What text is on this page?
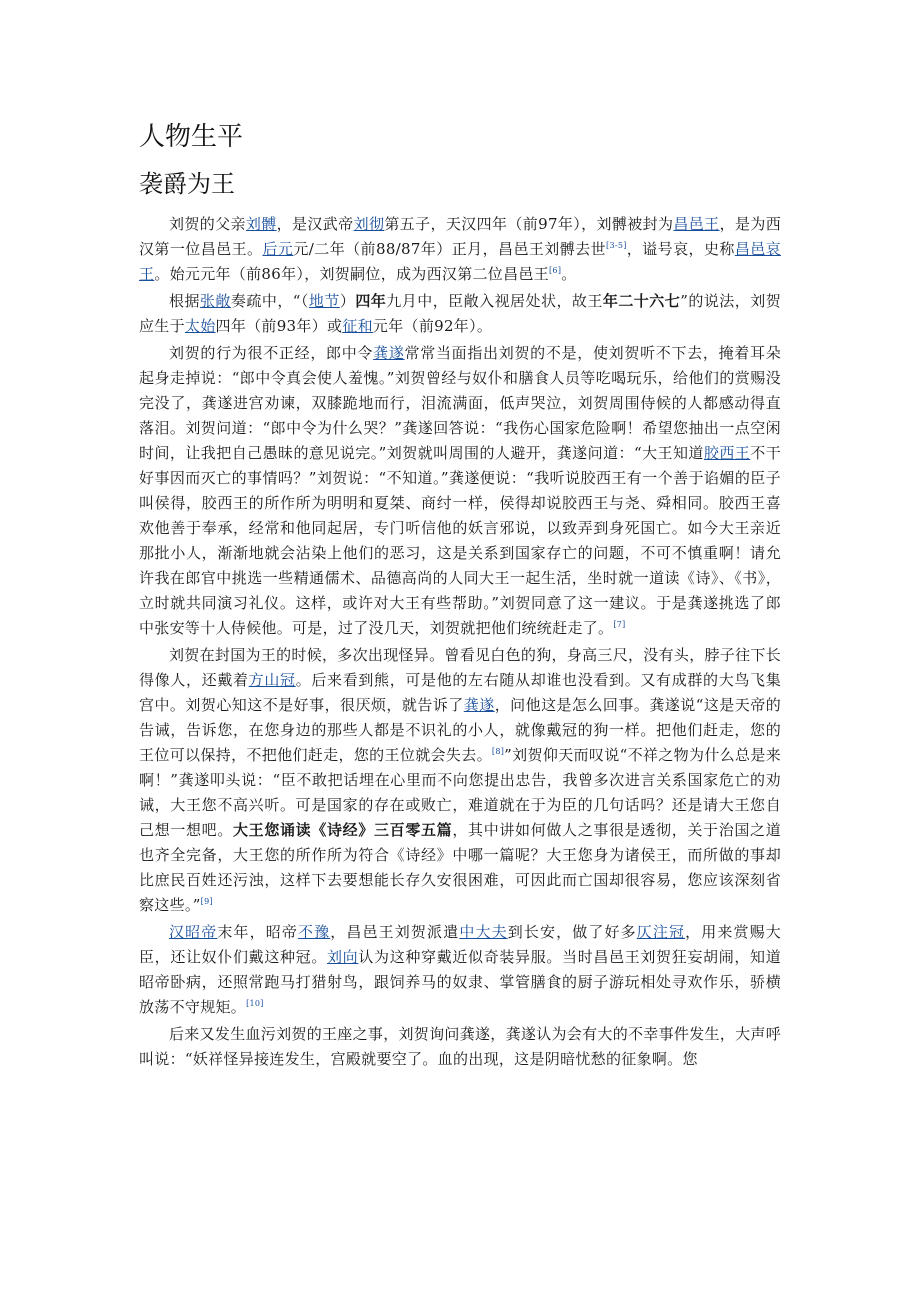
人物生平
袭爵为王

刘贺的父亲刘髆，是汉武帝刘彻第五子，天汉四年（前97年），刘髆被封为昌邑王，是为西汉第一位昌邑王。后元元/二年（前88/87年）正月，昌邑王刘髆去世[3-5]，谥号哀，史称昌邑哀王。始元元年（前86年），刘贺嗣位，成为西汉第二位昌邑王[6]。

根据张敞奏疏中，“（地节）四年九月中，臣敞入视居处状，故王年二十六七”的说法，刘贺应生于太始四年（前93年）或征和元年（前92年）。

刘贺的行为很不正经，郎中令龚遂常常当面指出刘贺的不是，使刘贺听不下去，掩着耳朵起身走掉说：“郎中令真会使人羞愧。”刘贺曾经与奴仆和膳食人员等吃喝玩乐，给他们的赏赐没完没了，龚遂进宫劝谏，双膝跪地而行，泪流满面，低声哭泣，刘贺周围侍候的人都感动得直落泪。刘贺问道：“郎中令为什么哭？”龚遂回答说：“我伤心国家危险啊！希望您抽出一点空闲时间，让我把自己愚昧的意见说完。”刘贺就叫周围的人避开，龚遂问道：“大王知道胶西王不干好事因而灭亡的事情吗？”刘贺说：“不知道。”龚遂便说：“我听说胶西王有一个善于谄媚的臣子叫侯得，胶西王的所作所为明明和夏桀、商纣一样，侯得却说胶西王与尧、舜相同。胶西王喜欢他善于奉承，经常和他同起居，专门听信他的妖言邪说，以致弄到身死国亡。如今大王亲近那批小人，渐渐地就会沾染上他们的恶习，这是关系到国家存亡的问题，不可不慎重啊！请允许我在郎官中挑选一些精通儒术、品德高尚的人同大王一起生活，坐时就一道读《诗》、《书》，立时就共同演习礼仪。这样，或许对大王有些帮助。”刘贺同意了这一建议。于是龚遂挑选了郎中张安等十人侍候他。可是，过了没几天，刘贺就把他们统统赶走了。[7]

刘贺在封国为王的时候，多次出现怪异。曾看见白色的狗，身高三尺，没有头，脖子往下长得像人，还戴着方山冠。后来看到熊，可是他的左右随从却谁也没看到。又有成群的大鸟飞集宫中。刘贺心知这不是好事，很厌烦，就告诉了龚遂，问他这是怎么回事。龚遂说“这是天帝的告诫，告诉您，在您身边的那些人都是不识礼的小人，就像戴冠的狗一样。把他们赶走，您的王位可以保持，不把他们赶走，您的王位就会失去。[8]”刘贺仰天而叹说“不祥之物为什么总是来啊！”龚遂叩头说：“臣不敢把话埋在心里而不向您提出忠告，我曾多次进言关系国家危亡的劝诫，大王您不高兴听。可是国家的存在或败亡，难道就在于为臣的几句话吗？还是请大王您自己想一想吧。大王您诵读《诗经》三百零五篇，其中讲如何做人之事很是透彻，关于治国之道也齐全完备，大王您的所作所为符合《诗经》中哪一篇呢？大王您身为诸侯王，而所做的事却比庶民百姓还污浊，这样下去要想能长存久安很困难，可因此而亡国却很容易，您应该深刻省察这些。”[9]

汉昭帝末年，昭帝不豫，昌邑王刘贺派遣中大夫到长安，做了好多仄注冠，用来赏赐大臣，还让奴仆们戴这种冠。刘向认为这种穿戴近似奇装异服。当时昌邑王刘贺狂妄胡闹，知道昭帝卧病，还照常跑马打猎射鸟，跟饲养马的奴隶、掌管膳食的厨子游玩相处寻欢作乐，骄横放荡不守规矩。[10]

后来又发生血污刘贺的王座之事，刘贺询问龚遂，龚遂认为会有大的不幸事件发生，大声呼叫说：“妖祥怪异接连发生，宫殿就要空了。血的出现，这是阴暗忧愁的征象啊。您
